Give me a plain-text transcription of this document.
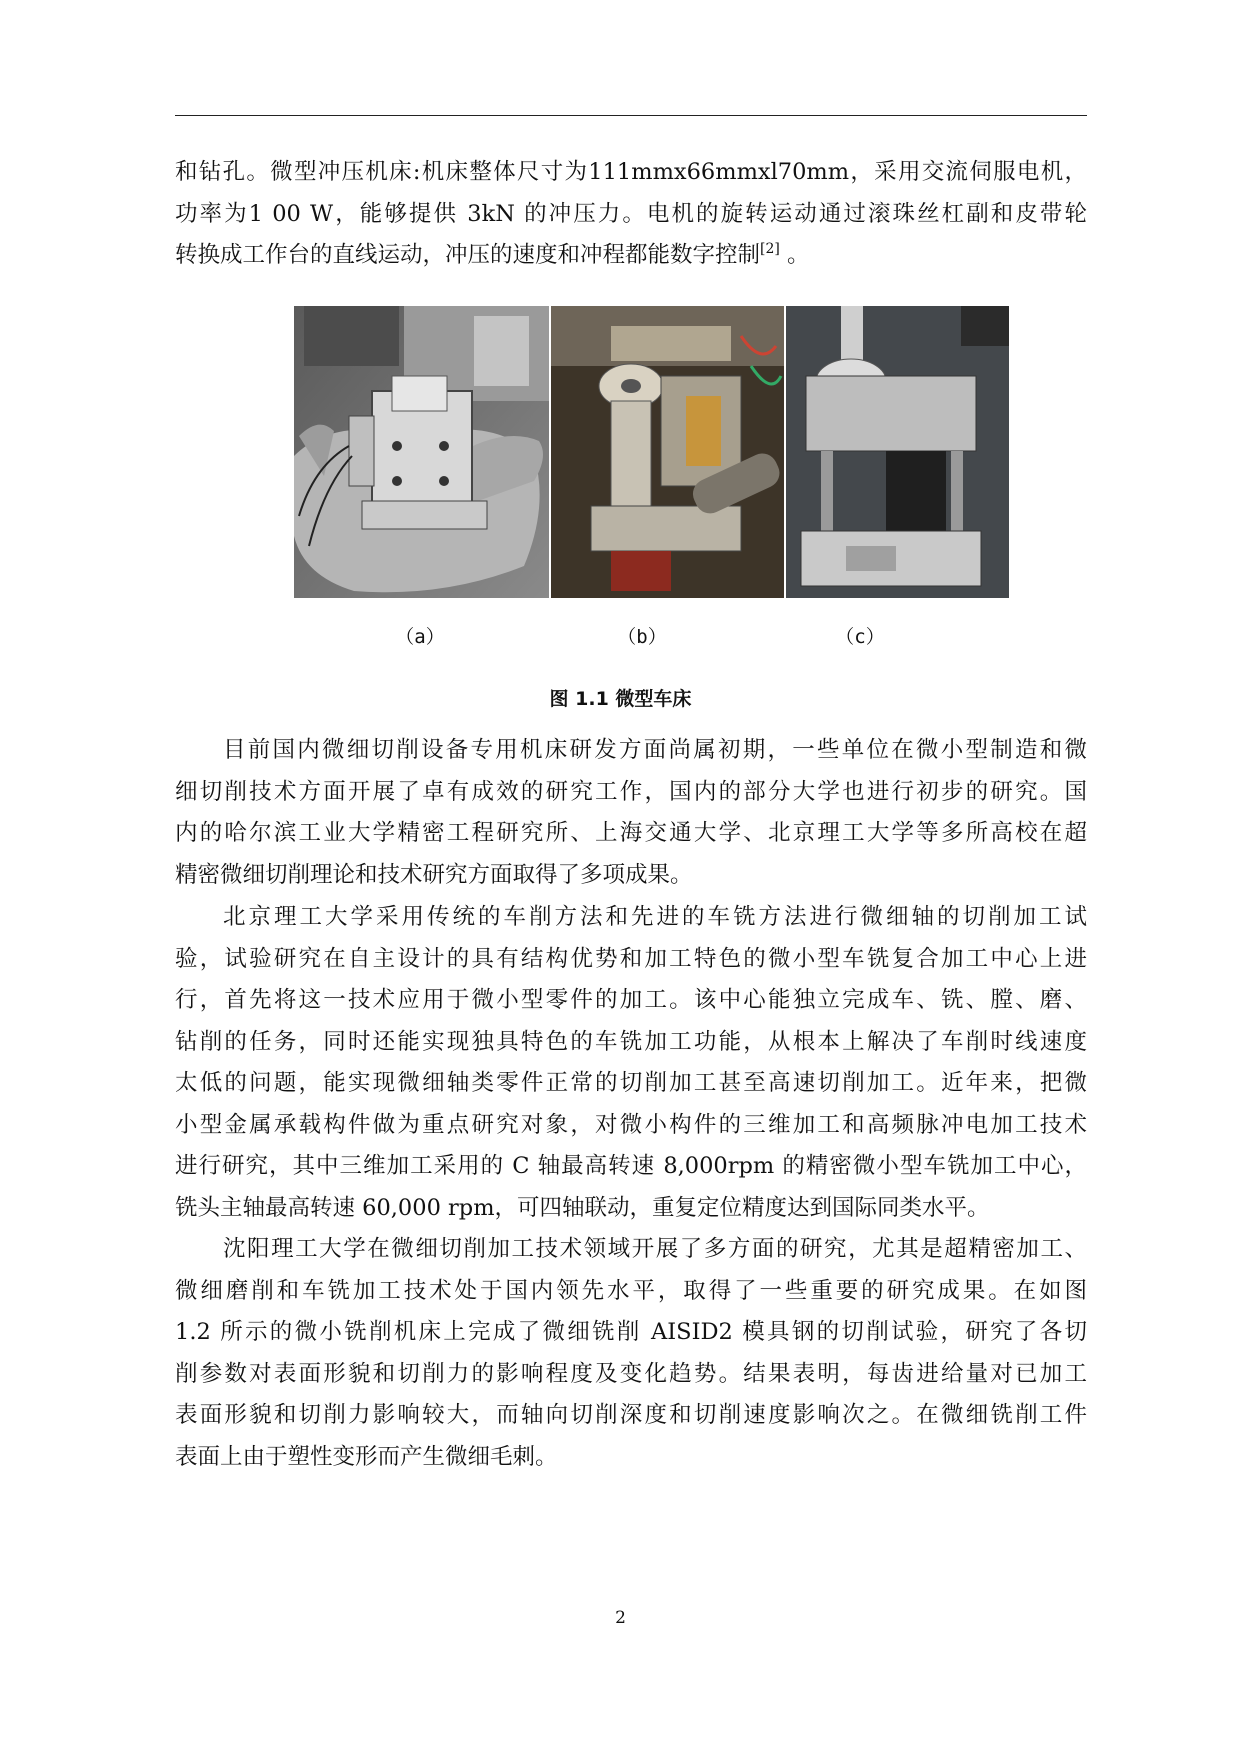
和钻孔。微型冲压机床:机床整体尺寸为111mmx66mmxl70mm，采用交流伺服电机，
功率为1 00 W，能够提供 3kN 的冲压力。电机的旋转运动通过滚珠丝杠副和皮带轮
转换成工作台的直线运动，冲压的速度和冲程都能数字控制[2] 。
（a）	（b）	（c）
图 1.1 微型车床
目前国内微细切削设备专用机床研发方面尚属初期，一些单位在微小型制造和微
细切削技术方面开展了卓有成效的研究工作，国内的部分大学也进行初步的研究。国
内的哈尔滨工业大学精密工程研究所、上海交通大学、北京理工大学等多所高校在超
精密微细切削理论和技术研究方面取得了多项成果。
北京理工大学采用传统的车削方法和先进的车铣方法进行微细轴的切削加工试
验，试验研究在自主设计的具有结构优势和加工特色的微小型车铣复合加工中心上进
行，首先将这一技术应用于微小型零件的加工。该中心能独立完成车、铣、膛、磨、
钻削的任务，同时还能实现独具特色的车铣加工功能，从根本上解决了车削时线速度
太低的问题，能实现微细轴类零件正常的切削加工甚至高速切削加工。近年来，把微
小型金属承载构件做为重点研究对象，对微小构件的三维加工和高频脉冲电加工技术
进行研究，其中三维加工采用的 C 轴最高转速 8,000rpm 的精密微小型车铣加工中心，
铣头主轴最高转速 60,000 rpm，可四轴联动，重复定位精度达到国际同类水平。
沈阳理工大学在微细切削加工技术领域开展了多方面的研究，尤其是超精密加工、
微细磨削和车铣加工技术处于国内领先水平，取得了一些重要的研究成果。在如图
1.2 所示的微小铣削机床上完成了微细铣削 AISID2 模具钢的切削试验，研究了各切
削参数对表面形貌和切削力的影响程度及变化趋势。结果表明，每齿进给量对已加工
表面形貌和切削力影响较大，而轴向切削深度和切削速度影响次之。在微细铣削工件
表面上由于塑性变形而产生微细毛刺。
2
